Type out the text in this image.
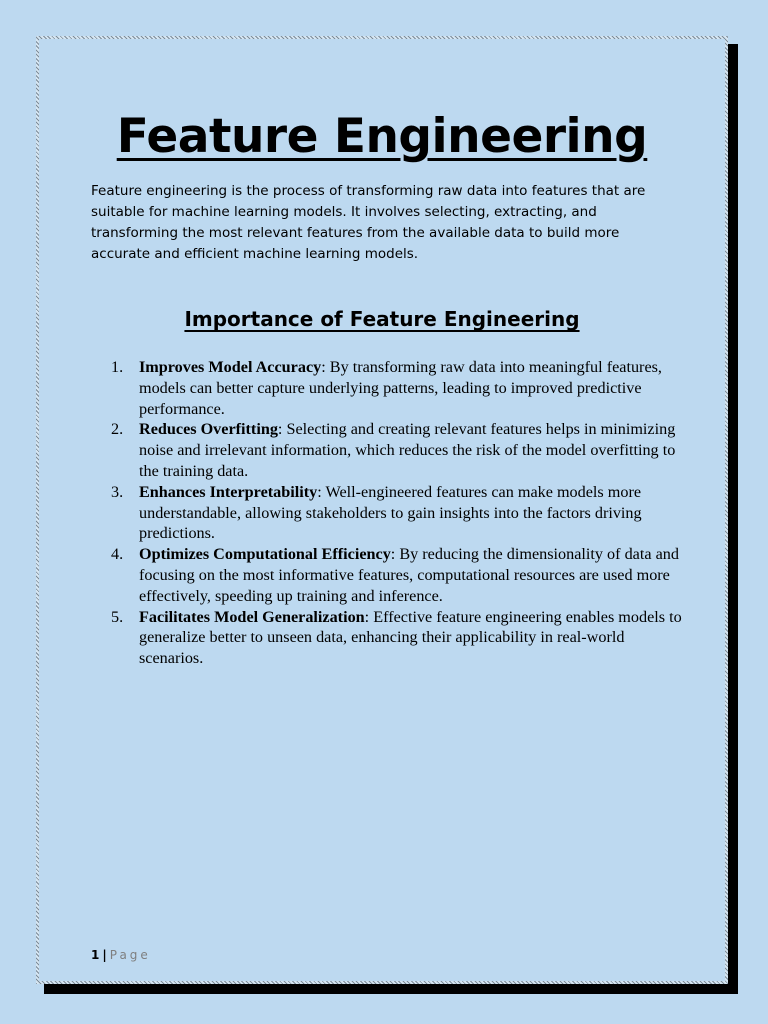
Feature Engineering

Feature engineering is the process of transforming raw data into features that are suitable for machine learning models. It involves selecting, extracting, and transforming the most relevant features from the available data to build more accurate and efficient machine learning models.

Importance of Feature Engineering
1. Improves Model Accuracy: By transforming raw data into meaningful features, models can better capture underlying patterns, leading to improved predictive performance.
2. Reduces Overfitting: Selecting and creating relevant features helps in minimizing noise and irrelevant information, which reduces the risk of the model overfitting to the training data.
3. Enhances Interpretability: Well-engineered features can make models more understandable, allowing stakeholders to gain insights into the factors driving predictions.
4. Optimizes Computational Efficiency: By reducing the dimensionality of data and focusing on the most informative features, computational resources are used more effectively, speeding up training and inference.
5. Facilitates Model Generalization: Effective feature engineering enables models to generalize better to unseen data, enhancing their applicability in real-world scenarios.
1 | Page
